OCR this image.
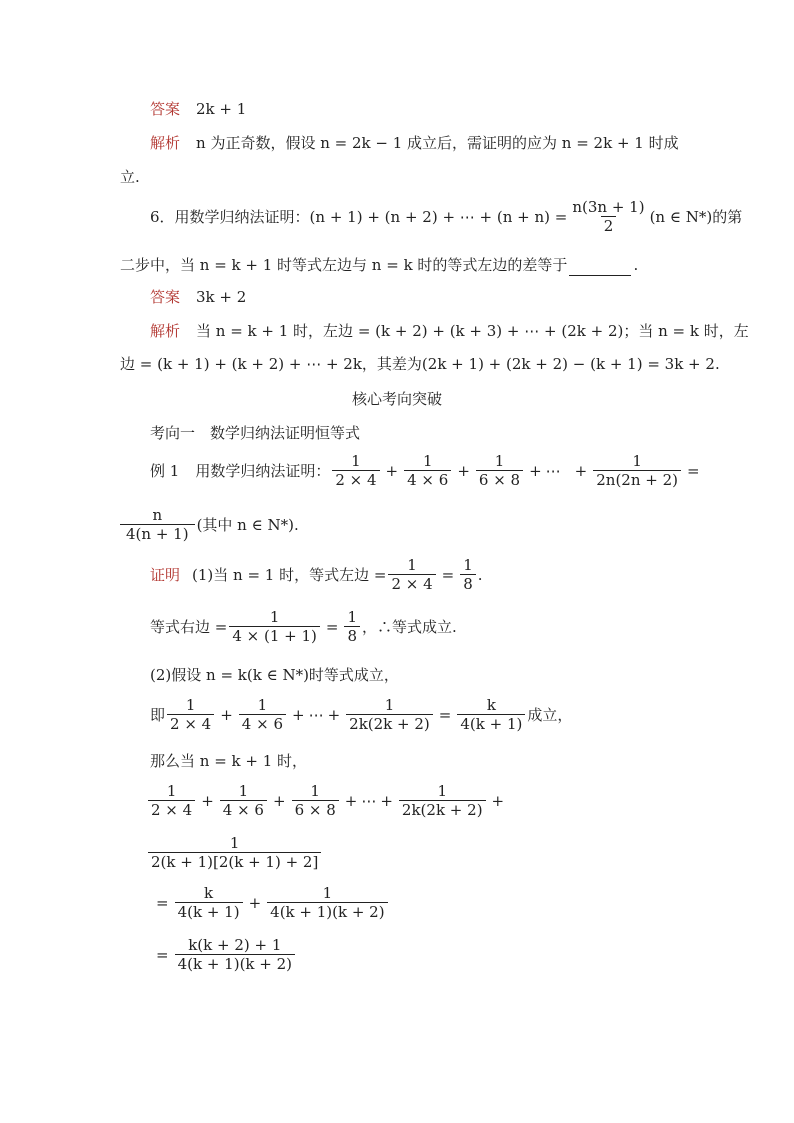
答案 2k + 1
解析 n 为正奇数，假设 n = 2k − 1 成立后，需证明的应为 n = 2k + 1 时成
立.
6．用数学归纳法证明：(n + 1) + (n + 2) + ⋯ + $(n + n) = \frac{n(3n + 1)}{2} (n$ ∈ N*)的第
二步中，当 n = k + 1 时等式左边与 n = k 时的等式左边的差等于	.
答案 3k + 2
解析 当 n = k + 1 时，左边 = (k + 2) + (k + 3) + ⋯ + (2k + 2)；当 n = k 时，左
边 = (k + 1) + (k + 2) + ⋯ + 2k，其差为(2k + 1) + (2k + 2) − (k + 1) = 3k + 2.
核心考向突破
考向一　数学归纳法证明恒等式
例 1 用数学归纳法证明： $\frac{1}{2 \times 4} + \frac{1}{4 \times 6} + \frac{1}{6 \times 8}$ + ⋯ + $\frac{1}{2n(2n + 2)}$ =
$\frac{n}{4(n + 1)}$ (其中 n ∈ N*).
证明 (1)当 n = 1 时，等式左边 = $\frac{1}{2 \times 4} = \frac{1}{8}$ .
等式右边 = $\frac{1}{4 \times (1 + 1)} = \frac{1}{8}$ ，∴等式成立.
(2)假设 n = k(k ∈ N*)时等式成立，
即 $\frac{1}{2 \times 4} + \frac{1}{4 \times 6}$ + ⋯ + $\frac{1}{2k(2k + 2)} = \frac{k}{4(k + 1)}$ 成立，
那么当 n = k + 1 时，
$\frac{1}{2 \times 4} + \frac{1}{4 \times 6} + \frac{1}{6 \times 8}$ + ⋯ + $\frac{1}{2k(2k + 2)}$ +
$\frac{1}{2(k + 1)[2(k + 1) + 2]}$
= $\frac{k}{4(k + 1)} + \frac{1}{4(k + 1)(k + 2)}$
= $\frac{k(k + 2) + 1}{4(k + 1)(k + 2)}$
